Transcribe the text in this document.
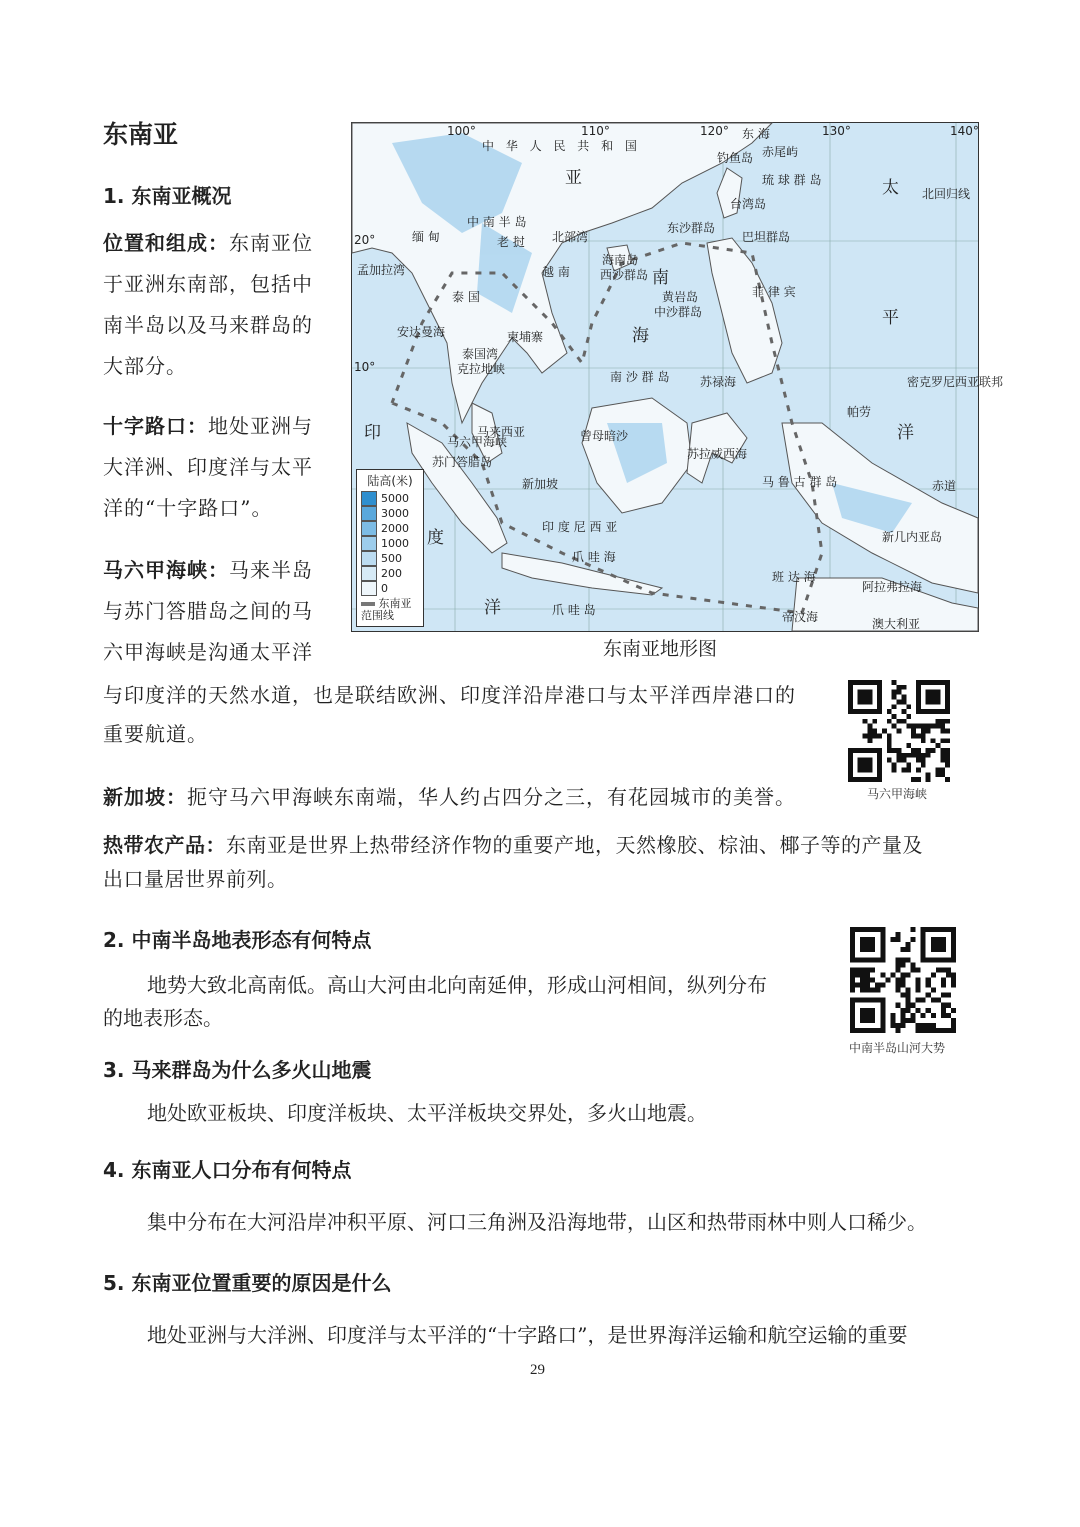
东南亚
1. 东南亚概况
位置和组成：东南亚位
于亚洲东南部，包括中
南半岛以及马来群岛的
大部分。
十字路口：地处亚洲与
大洋洲、印度洋与太平
洋的“十字路口”。
马六甲海峡：马来半岛
与苏门答腊岛之间的马
六甲海峡是沟通太平洋
与印度洋的天然水道，也是联结欧洲、印度洋沿岸港口与太平洋西岸港口的
重要航道。
新加坡：扼守马六甲海峡东南端，华人约占四分之三，有花园城市的美誉。
热带农产品：东南亚是世界上热带经济作物的重要产地，天然橡胶、棕油、椰子等的产量及
出口量居世界前列。
中 华 人 民 共 和 国
亚
东 海
太
平
洋
北回归线
台湾岛
钓鱼岛 赤尾屿
琉 球 群 岛
巴坦群岛
东沙群岛
北部湾
海南岛
西沙群岛
黄岩岛
中沙群岛
南
海
南 沙 群 岛
曾母暗沙
苏禄海
苏拉威西海
印
度
洋
缅 甸	老 挝
越 南
泰 国
柬埔寨
中 南 半 岛
马来西亚
新加坡
苏门答腊岛
爪 哇 海
爪 哇 岛
印 度 尼 西 亚
班 达 海
阿拉弗拉海
帝汶海	澳大利亚
赤道
安达曼海
孟加拉湾
泰国湾
克拉地峡
马六甲海峡
菲 律 宾
马 鲁 古 群 岛
新几内亚岛
密克罗尼西亚联邦
帕劳
100°	110°	120°	130°	140°
20°
10°
陆高(米)
5000
3000
2000
1000
500
200
0
东南亚范围线
东南亚地形图
马六甲海峡
2. 中南半岛地表形态有何特点
地势大致北高南低。高山大河由北向南延伸，形成山河相间，纵列分布
的地表形态。
中南半岛山河大势
3. 马来群岛为什么多火山地震
地处欧亚板块、印度洋板块、太平洋板块交界处，多火山地震。
4. 东南亚人口分布有何特点
集中分布在大河沿岸冲积平原、河口三角洲及沿海地带，山区和热带雨林中则人口稀少。
5. 东南亚位置重要的原因是什么
地处亚洲与大洋洲、印度洋与太平洋的“十字路口”，是世界海洋运输和航空运输的重要
29
